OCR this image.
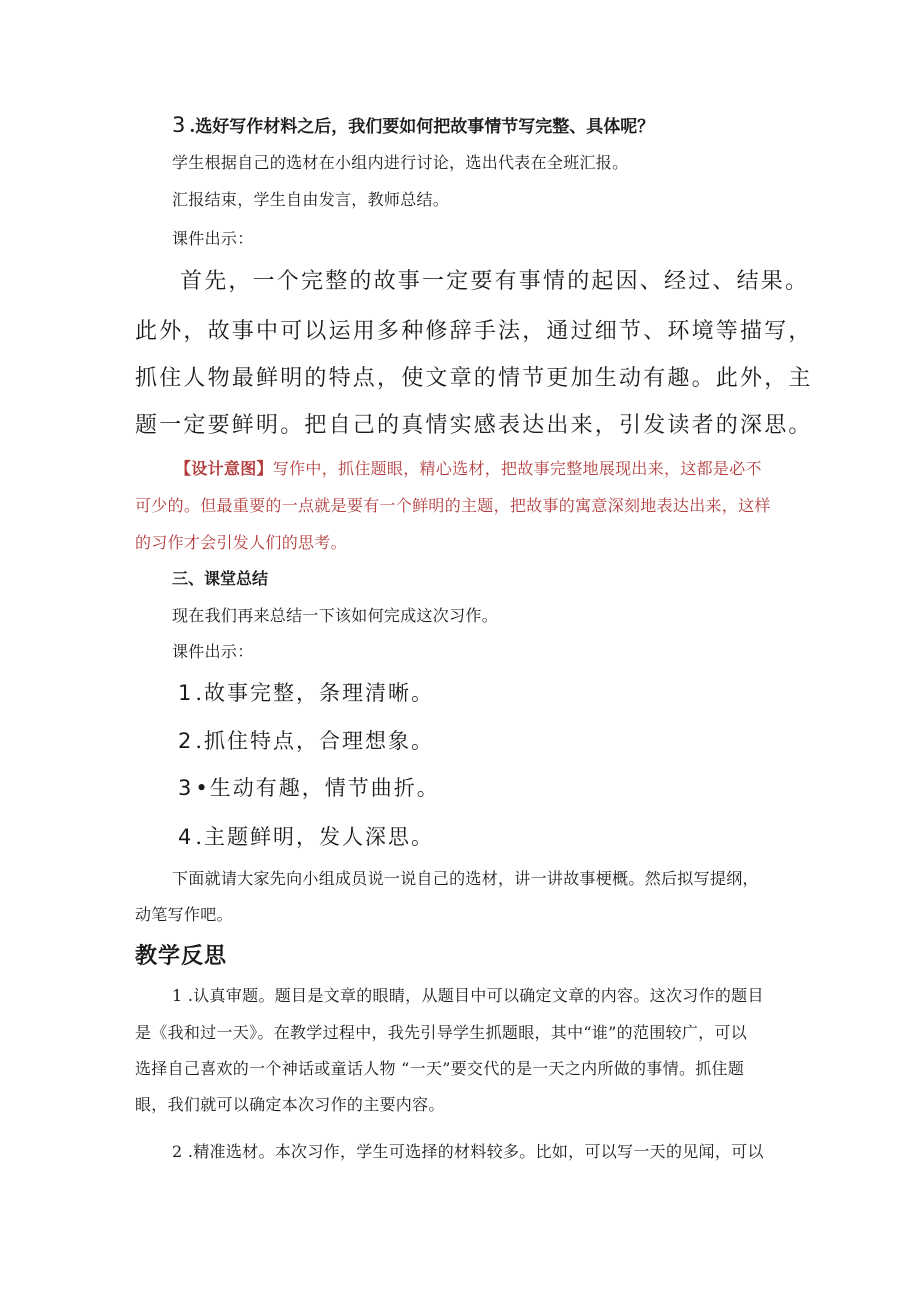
3 .选好写作材料之后，我们要如何把故事情节写完整、具体呢？

学生根据自己的选材在小组内进行讨论，选出代表在全班汇报。

汇报结束，学生自由发言，教师总结。

课件出示：

首先，一个完整的故事一定要有事情的起因、经过、结果。

此外，故事中可以运用多种修辞手法，通过细节、环境等描写，

抓住人物最鲜明的特点，使文章的情节更加生动有趣。此外，主

题一定要鲜明。把自己的真情实感表达出来，引发读者的深思。

【设计意图】写作中，抓住题眼，精心选材，把故事完整地展现出来，这都是必不

可少的。但最重要的一点就是要有一个鲜明的主题，把故事的寓意深刻地表达出来，这样

的习作才会引发人们的思考。

三、课堂总结

现在我们再来总结一下该如何完成这次习作。

课件出示：

1.故事完整，条理清晰。

2.抓住特点，合理想象。

3•生动有趣，情节曲折。

4.主题鲜明，发人深思。

下面就请大家先向小组成员说一说自己的选材，讲一讲故事梗概。然后拟写提纲，

动笔写作吧。

教学反思

1 .认真审题。题目是文章的眼睛，从题目中可以确定文章的内容。这次习作的题目

是《我和过一天》。在教学过程中，我先引导学生抓题眼，其中“谁”的范围较广，可以

选择自己喜欢的一个神话或童话人物 “一天”要交代的是一天之内所做的事情。抓住题

眼，我们就可以确定本次习作的主要内容。

2 .精准选材。本次习作，学生可选择的材料较多。比如，可以写一天的见闻，可以
